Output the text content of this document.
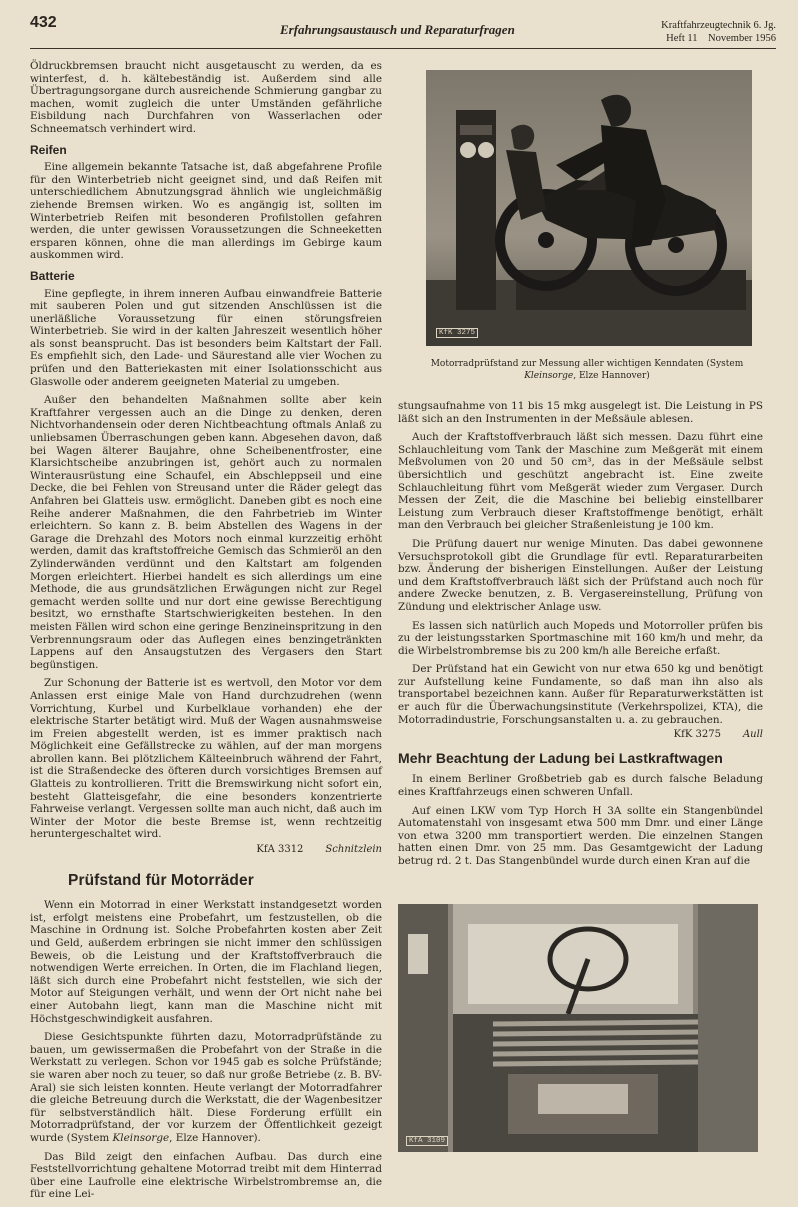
432	Erfahrungsaustausch und Reparaturfragen	Kraftfahrzeugtechnik 6. Jg.
Heft 11 November 1956

Öldruckbremsen braucht nicht ausgetauscht zu werden, da es winterfest, d. h. kältebeständig ist. Außerdem sind alle Übertragungsorgane durch ausreichende Schmierung gangbar zu machen, womit zugleich die unter Umständen gefährliche Eisbildung nach Durchfahren von Wasserlachen oder Schneematsch verhindert wird.

Reifen

Eine allgemein bekannte Tatsache ist, daß abgefahrene Profile für den Winterbetrieb nicht geeignet sind, und daß Reifen mit unterschiedlichem Abnutzungsgrad ähnlich wie ungleichmäßig ziehende Bremsen wirken. Wo es angängig ist, sollten im Winterbetrieb Reifen mit besonderen Profilstollen gefahren werden, die unter gewissen Voraussetzungen die Schneeketten ersparen können, ohne die man allerdings im Gebirge kaum auskommen wird.

Batterie

Eine gepflegte, in ihrem inneren Aufbau einwandfreie Batterie mit sauberen Polen und gut sitzenden Anschlüssen ist die unerläßliche Voraussetzung für einen störungsfreien Winterbetrieb. Sie wird in der kalten Jahreszeit wesentlich höher als sonst beansprucht. Das ist besonders beim Kaltstart der Fall. Es empfiehlt sich, den Lade- und Säurestand alle vier Wochen zu prüfen und den Batteriekasten mit einer Isolationsschicht aus Glaswolle oder anderem geeigneten Material zu umgeben.

Außer den behandelten Maßnahmen sollte aber kein Kraftfahrer vergessen auch an die Dinge zu denken, deren Nichtvorhandensein oder deren Nichtbeachtung oftmals Anlaß zu unliebsamen Überraschungen geben kann. Abgesehen davon, daß bei Wagen älterer Baujahre, ohne Scheibenentfroster, eine Klarsichtscheibe anzubringen ist, gehört auch zu normalen Winterausrüstung eine Schaufel, ein Abschleppseil und eine Decke, die bei Fehlen von Streusand unter die Räder gelegt das Anfahren bei Glatteis usw. ermöglicht. Daneben gibt es noch eine Reihe anderer Maßnahmen, die den Fahrbetrieb im Winter erleichtern. So kann z. B. beim Abstellen des Wagens in der Garage die Drehzahl des Motors noch einmal kurzzeitig erhöht werden, damit das kraftstoffreiche Gemisch das Schmieröl an den Zylinderwänden verdünnt und den Kaltstart am folgenden Morgen erleichtert. Hierbei handelt es sich allerdings um eine Methode, die aus grundsätzlichen Erwägungen nicht zur Regel gemacht werden sollte und nur dort eine gewisse Berechtigung besitzt, wo ernsthafte Startschwierigkeiten bestehen. In den meisten Fällen wird schon eine geringe Benzineinspritzung in den Verbrennungsraum oder das Auflegen eines benzingetränkten Lappens auf den Ansaugstutzen des Vergasers den Start begünstigen.

Zur Schonung der Batterie ist es wertvoll, den Motor vor dem Anlassen erst einige Male von Hand durchzudrehen (wenn Vorrichtung, Kurbel und Kurbelklaue vorhanden) ehe der elektrische Starter betätigt wird. Muß der Wagen ausnahmsweise im Freien abgestellt werden, ist es immer praktisch nach Möglichkeit eine Gefällstrecke zu wählen, auf der man morgens abrollen kann. Bei plötzlichem Kälteeinbruch während der Fahrt, ist die Straßendecke des öfteren durch vorsichtiges Bremsen auf Glatteis zu kontrollieren. Tritt die Bremswirkung nicht sofort ein, besteht Glatteisgefahr, die eine besonders konzentrierte Fahrweise verlangt. Vergessen sollte man auch nicht, daß auch im Winter der Motor die beste Bremse ist, wenn rechtzeitig heruntergeschaltet wird.

KfA 3312 Schnitzlein
Prüfstand für Motorräder

Wenn ein Motorrad in einer Werkstatt instandgesetzt worden ist, erfolgt meistens eine Probefahrt, um festzustellen, ob die Maschine in Ordnung ist. Solche Probefahrten kosten aber Zeit und Geld, außerdem erbringen sie nicht immer den schlüssigen Beweis, ob die Leistung und der Kraftstoffverbrauch die notwendigen Werte erreichen. In Orten, die im Flachland liegen, läßt sich durch eine Probefahrt nicht feststellen, wie sich der Motor auf Steigungen verhält, und wenn der Ort nicht nahe bei einer Autobahn liegt, kann man die Maschine nicht mit Höchstgeschwindigkeit ausfahren.

Diese Gesichtspunkte führten dazu, Motorradprüfstände zu bauen, um gewissermaßen die Probefahrt von der Straße in die Werkstatt zu verlegen. Schon vor 1945 gab es solche Prüfstände; sie waren aber noch zu teuer, so daß nur große Betriebe (z. B. BV-Aral) sie sich leisten konnten. Heute verlangt der Motorradfahrer die gleiche Betreuung durch die Werkstatt, die der Wagenbesitzer für selbstverständlich hält. Diese Forderung erfüllt ein Motorradprüfstand, der vor kurzem der Öffentlichkeit gezeigt wurde (System Kleinsorge, Elze Hannover).

Das Bild zeigt den einfachen Aufbau. Das durch eine Feststellvorrichtung gehaltene Motorrad treibt mit dem Hinterrad über eine Laufrolle eine elektrische Wirbelstrombremse an, die für eine Lei-

KfK 3275
Motorradprüfstand zur Messung aller wichtigen Kenndaten (System Kleinsorge, Elze Hannover)

stungsaufnahme von 11 bis 15 mkg ausgelegt ist. Die Leistung in PS läßt sich an den Instrumenten in der Meßsäule ablesen.

Auch der Kraftstoffverbrauch läßt sich messen. Dazu führt eine Schlauchleitung vom Tank der Maschine zum Meßgerät mit einem Meßvolumen von 20 und 50 cm³, das in der Meßsäule selbst übersichtlich und geschützt angebracht ist. Eine zweite Schlauchleitung führt vom Meßgerät wieder zum Vergaser. Durch Messen der Zeit, die die Maschine bei beliebig einstellbarer Leistung zum Verbrauch dieser Kraftstoffmenge benötigt, erhält man den Verbrauch bei gleicher Straßenleistung je 100 km.

Die Prüfung dauert nur wenige Minuten. Das dabei gewonnene Versuchsprotokoll gibt die Grundlage für evtl. Reparaturarbeiten bzw. Änderung der bisherigen Einstellungen. Außer der Leistung und dem Kraftstoffverbrauch läßt sich der Prüfstand auch noch für andere Zwecke benutzen, z. B. Vergasereinstellung, Prüfung von Zündung und elektrischer Anlage usw.

Es lassen sich natürlich auch Mopeds und Motorroller prüfen bis zu der leistungsstarken Sportmaschine mit 160 km/h und mehr, da die Wirbelstrombremse bis zu 200 km/h alle Bereiche erfaßt.

Der Prüfstand hat ein Gewicht von nur etwa 650 kg und benötigt zur Aufstellung keine Fundamente, so daß man ihn also als transportabel bezeichnen kann. Außer für Reparaturwerkstätten ist er auch für die Überwachungsinstitute (Verkehrspolizei, KTA), die Motorradindustrie, Forschungsanstalten u. a. zu gebrauchen.

KfK 3275 Aull
Mehr Beachtung der Ladung bei Lastkraftwagen

In einem Berliner Großbetrieb gab es durch falsche Beladung eines Kraftfahrzeugs einen schweren Unfall.

Auf einen LKW vom Typ Horch H 3A sollte ein Stangenbündel Automatenstahl von insgesamt etwa 500 mm Dmr. und einer Länge von etwa 3200 mm transportiert werden. Die einzelnen Stangen hatten einen Dmr. von 25 mm. Das Gesamtgewicht der Ladung betrug rd. 2 t. Das Stangenbündel wurde durch einen Kran auf die

KfA 3109
